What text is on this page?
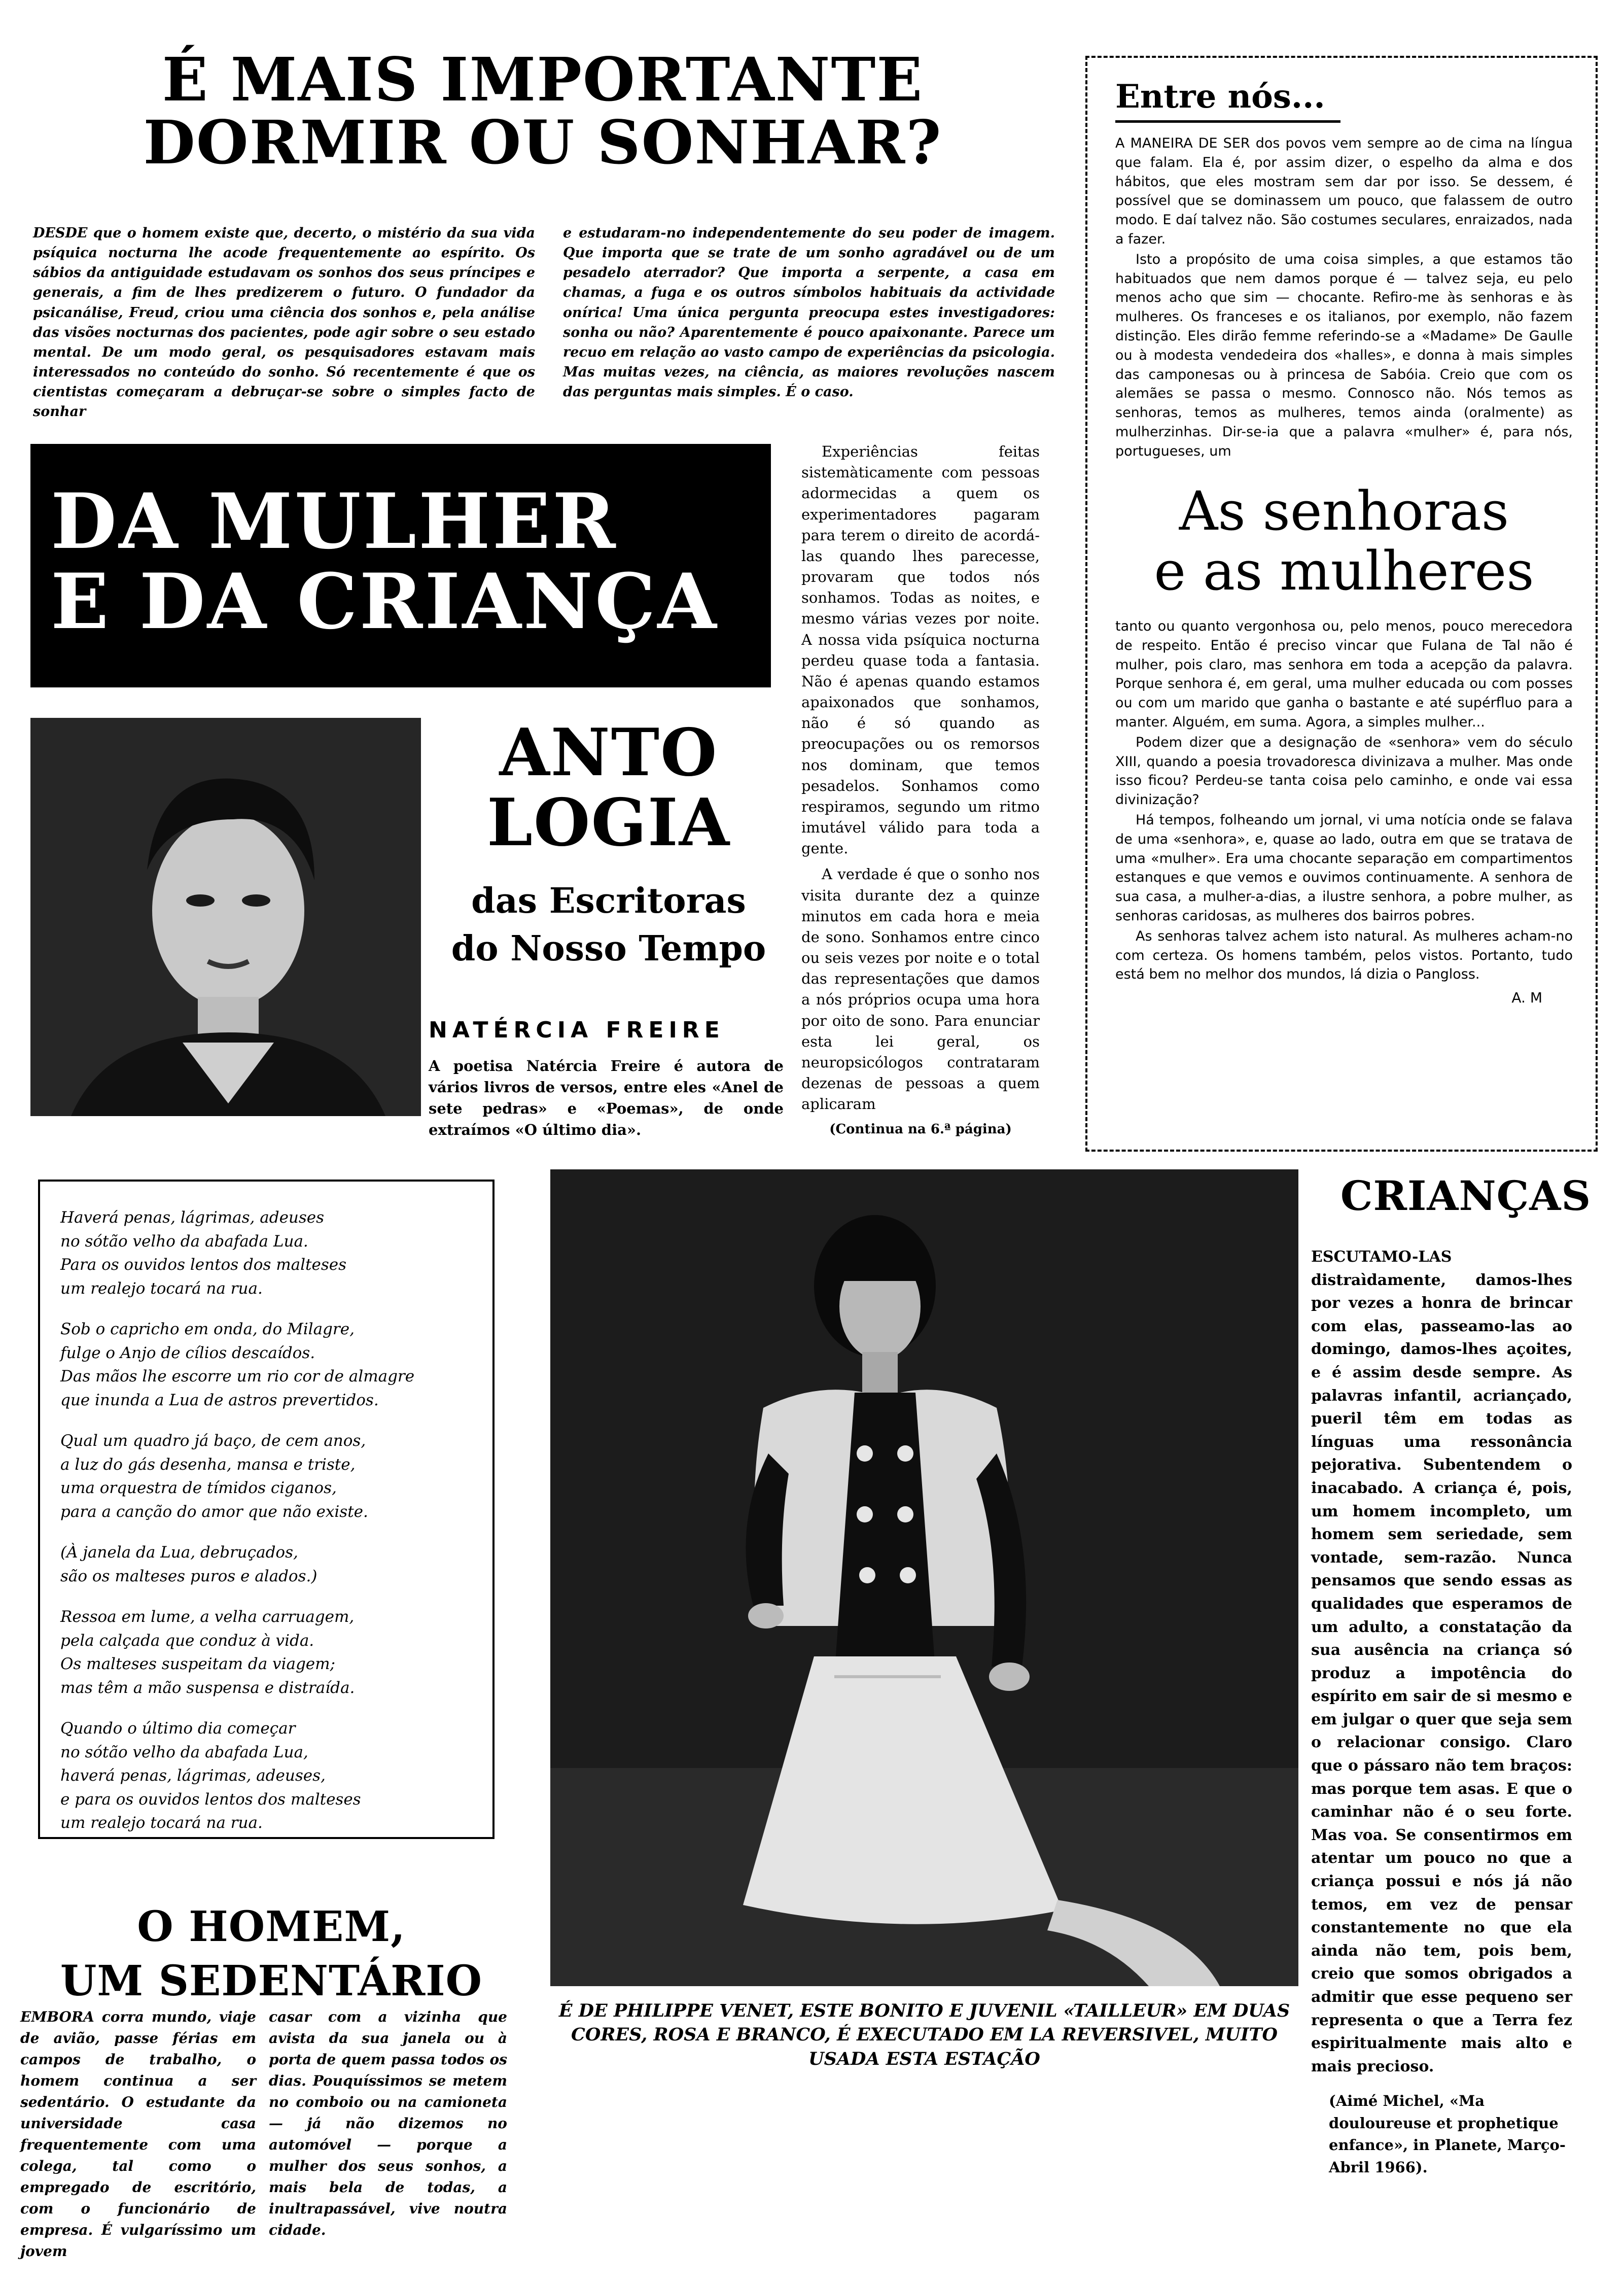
É MAIS IMPORTANTE
DORMIR OU SONHAR?
DESDE que o homem existe que, decerto, o mistério da sua vida psíquica nocturna lhe acode frequentemente ao espírito. Os sábios da antiguidade estudavam os sonhos dos seus príncipes e generais, a fim de lhes predizerem o futuro. O fundador da psicanálise, Freud, criou uma ciência dos sonhos e, pela análise das visões nocturnas dos pacientes, pode agir sobre o seu estado mental. De um modo geral, os pesquisadores estavam mais interessados no conteúdo do sonho. Só recentemente é que os cientistas começaram a debruçar-se sobre o simples facto de sonhar
e estudaram-no independentemente do seu poder de imagem. Que importa que se trate de um sonho agradável ou de um pesadelo aterrador? Que importa a serpente, a casa em chamas, a fuga e os outros símbolos habituais da actividade onírica! Uma única pergunta preocupa estes investigadores: sonha ou não? Aparentemente é pouco apaixonante. Parece um recuo em relação ao vasto campo de experiências da psicologia. Mas muitas vezes, na ciência, as maiores revoluções nascem das perguntas mais simples. É o caso.
DA MULHER
E DA CRIANÇA

Experiências feitas sistemàticamente com pessoas adormecidas a quem os experimentadores pagaram para terem o direito de acordá-las quando lhes parecesse, provaram que todos nós sonhamos. Todas as noites, e mesmo várias vezes por noite. A nossa vida psíquica nocturna perdeu quase toda a fantasia. Não é apenas quando estamos apaixonados que sonhamos, não é só quando as preocupações ou os remorsos nos dominam, que temos pesadelos. Sonhamos como respiramos, segundo um ritmo imutável válido para toda a gente.

A verdade é que o sonho nos visita durante dez a quinze minutos em cada hora e meia de sono. Sonhamos entre cinco ou seis vezes por noite e o total das representações que damos a nós próprios ocupa uma hora por oito de sono. Para enunciar esta lei geral, os neuropsicólogos contrataram dezenas de pessoas a quem aplicaram

(Continua na 6.ª página)

ANTO
LOGIA
das Escritoras
do Nosso Tempo
NATÉRCIA FREIRE
A poetisa Natércia Freire é autora de vários livros de versos, entre eles «Anel de sete pedras» e «Poemas», de onde extraímos «O último dia».
Entre nós...

A MANEIRA DE SER dos povos vem sempre ao de cima na língua que falam. Ela é, por assim dizer, o espelho da alma e dos hábitos, que eles mostram sem dar por isso. Se dessem, é possível que se dominassem um pouco, que falassem de outro modo. E daí talvez não. São costumes seculares, enraizados, nada a fazer.

Isto a propósito de uma coisa simples, a que estamos tão habituados que nem damos porque é — talvez seja, eu pelo menos acho que sim — chocante. Refiro-me às senhoras e às mulheres. Os franceses e os italianos, por exemplo, não fazem distinção. Eles dirão femme referindo-se a «Madame» De Gaulle ou à modesta vendedeira dos «halles», e donna à mais simples das camponesas ou à princesa de Sabóia. Creio que com os alemães se passa o mesmo. Connosco não. Nós temos as senhoras, temos as mulheres, temos ainda (oralmente) as mulherzinhas. Dir-se-ia que a palavra «mulher» é, para nós, portugueses, um

As senhoras
e as mulheres

tanto ou quanto vergonhosa ou, pelo menos, pouco merecedora de respeito. Então é preciso vincar que Fulana de Tal não é mulher, pois claro, mas senhora em toda a acepção da palavra. Porque senhora é, em geral, uma mulher educada ou com posses ou com um marido que ganha o bastante e até supérfluo para a manter. Alguém, em suma. Agora, a simples mulher...

Podem dizer que a designação de «senhora» vem do século XIII, quando a poesia trovadoresca divinizava a mulher. Mas onde isso ficou? Perdeu-se tanta coisa pelo caminho, e onde vai essa divinização?

Há tempos, folheando um jornal, vi uma notícia onde se falava de uma «senhora», e, quase ao lado, outra em que se tratava de uma «mulher». Era uma chocante separação em compartimentos estanques e que vemos e ouvimos continuamente. A senhora de sua casa, a mulher-a-dias, a ilustre senhora, a pobre mulher, as senhoras caridosas, as mulheres dos bairros pobres.

As senhoras talvez achem isto natural. As mulheres acham-no com certeza. Os homens também, pelos vistos. Portanto, tudo está bem no melhor dos mundos, lá dizia o Pangloss.

A. M
Haverá penas, lágrimas, adeuses
no sótão velho da abafada Lua.
Para os ouvidos lentos dos malteses
um realejo tocará na rua.
Sob o capricho em onda, do Milagre,
fulge o Anjo de cílios descaídos.
Das mãos lhe escorre um rio cor de almagre
que inunda a Lua de astros prevertidos.
Qual um quadro já baço, de cem anos,
a luz do gás desenha, mansa e triste,
uma orquestra de tímidos ciganos,
para a canção do amor que não existe.
(À janela da Lua, debruçados,
são os malteses puros e alados.)
Ressoa em lume, a velha carruagem,
pela calçada que conduz à vida.
Os malteses suspeitam da viagem;
mas têm a mão suspensa e distraída.
Quando o último dia começar
no sótão velho da abafada Lua,
haverá penas, lágrimas, adeuses,
e para os ouvidos lentos dos malteses
um realejo tocará na rua.
O HOMEM,
UM SEDENTÁRIO
EMBORA corra mundo, viaje de avião, passe férias em campos de trabalho, o homem continua a ser sedentário. O estudante da universidade casa frequentemente com uma colega, tal como o empregado de escritório, com o funcionário de empresa. É vulgaríssimo um jovem
casar com a vizinha que avista da sua janela ou à porta de quem passa todos os dias. Pouquíssimos se metem no comboio ou na camioneta — já não dizemos no automóvel — porque a mulher dos seus sonhos, a mais bela de todas, a inultrapassável, vive noutra cidade.
É DE PHILIPPE VENET, ESTE BONITO E JUVENIL «TAILLEUR» EM DUAS CORES, ROSA E BRANCO, É EXECUTADO EM LA REVERSIVEL, MUITO USADA ESTA ESTAÇÃO
CRIANÇAS
ESCUTAMO-LAS distraìdamente, damos-lhes por vezes a honra de brincar com elas, passeamo-las ao domingo, damos-lhes açoites, e é assim desde sempre. As palavras infantil, acriançado, pueril têm em todas as línguas uma ressonância pejorativa. Subentendem o inacabado. A criança é, pois, um homem incompleto, um homem sem seriedade, sem vontade, sem-razão. Nunca pensamos que sendo essas as qualidades que esperamos de um adulto, a constatação da sua ausência na criança só produz a impotência do espírito em sair de si mesmo e em julgar o quer que seja sem o relacionar consigo. Claro que o pássaro não tem braços: mas porque tem asas. E que o caminhar não é o seu forte. Mas voa. Se consentirmos em atentar um pouco no que a criança possui e nós já não temos, em vez de pensar constantemente no que ela ainda não tem, pois bem, creio que somos obrigados a admitir que esse pequeno ser representa o que a Terra fez espiritualmente mais alto e mais precioso.
(Aimé Michel, «Ma douloureuse et prophetique enfance», in Planete, Março-Abril 1966).
